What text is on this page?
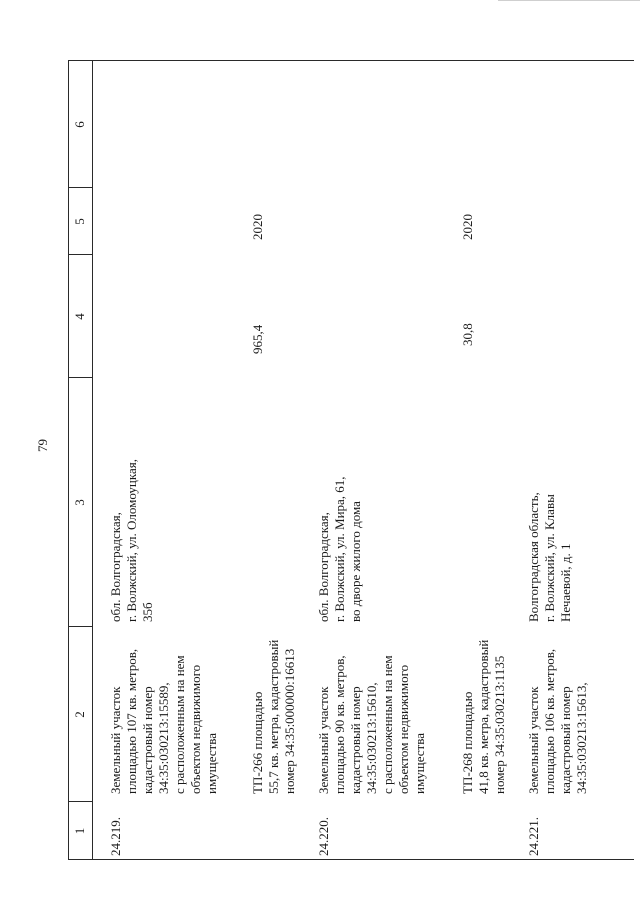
79
1
2
3
4
5
6
24.219.
Земельный участок площадью 107 кв. метров, кадастровый номер 34:35:030213:15589, с расположенным на нем объектом недвижимого имущества
обл. Волгоградская, г. Волжский, ул. Оломоуцкая, 35б
ТП-266 площадью 55,7 кв. метра, кадастровый номер 34:35:000000:16613
965,4
2020
24.220.
Земельный участок площадью 90 кв. метров, кадастровый номер 34:35:030213:15610, с расположенным на нем объектом недвижимого имущества
обл. Волгоградская, г. Волжский, ул. Мира, 61, во дворе жилого дома
ТП-268 площадью 41,8 кв. метра, кадастровый номер 34:35:030213:1135
30,8
2020
24.221.
Земельный участок площадью 106 кв. метров, кадастровый номер 34:35:030213:15613,
Волгоградская область, г. Волжский, ул. Клавы Нечаевой, д. 1
